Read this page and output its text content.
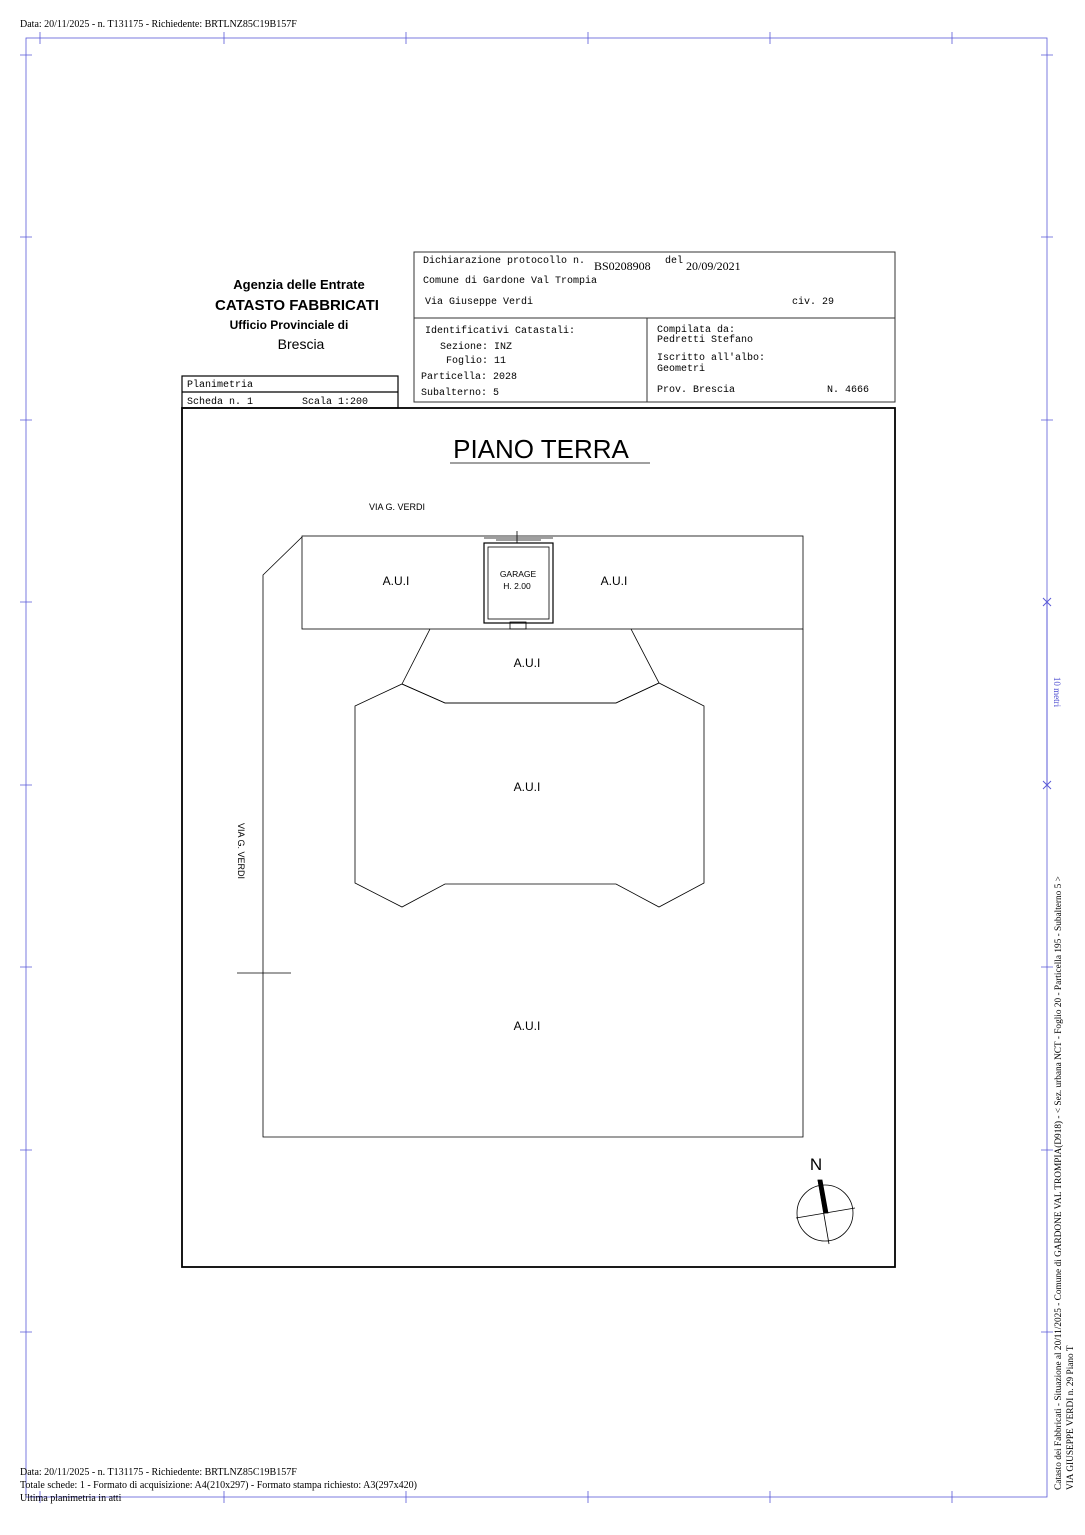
Data: 20/11/2025 - n. T131175 - Richiedente: BRTLNZ85C19B157F
Agenzia delle Entrate
CATASTO FABBRICATI
Ufficio Provinciale di
Brescia
Planimetria
Scheda n. 1	Scala 1:200
Dichiarazione protocollo n. BS0208908 del 20/09/2021
Comune di Gardone Val Trompia
Via Giuseppe Verdi	civ. 29
Identificativi Catastali:
Sezione: INZ
Foglio: 11
Particella: 2028
Subalterno: 5
Compilata da:
Pedretti Stefano
Iscritto all'albo:
Geometri
Prov. Brescia	N. 4666
PIANO TERRA
VIA G. VERDI
VIA G. VERDI
A.U.I	A.U.I
A.U.I
A.U.I
A.U.I
GARAGE
H. 2.00
N
10 metri
Catasto dei Fabbricati - Situazione al 20/11/2025 - Comune di GARDONE VAL TROMPIA(D918) - < Sez. urbana NCT - Foglio 20 - Particella 195 - Subalterno 5 > VIA GIUSEPPE VERDI n. 29 Piano T
Data: 20/11/2025 - n. T131175 - Richiedente: BRTLNZ85C19B157F
Totale schede: 1 - Formato di acquisizione: A4(210x297) - Formato stampa richiesto: A3(297x420)
Ultima planimetria in atti
